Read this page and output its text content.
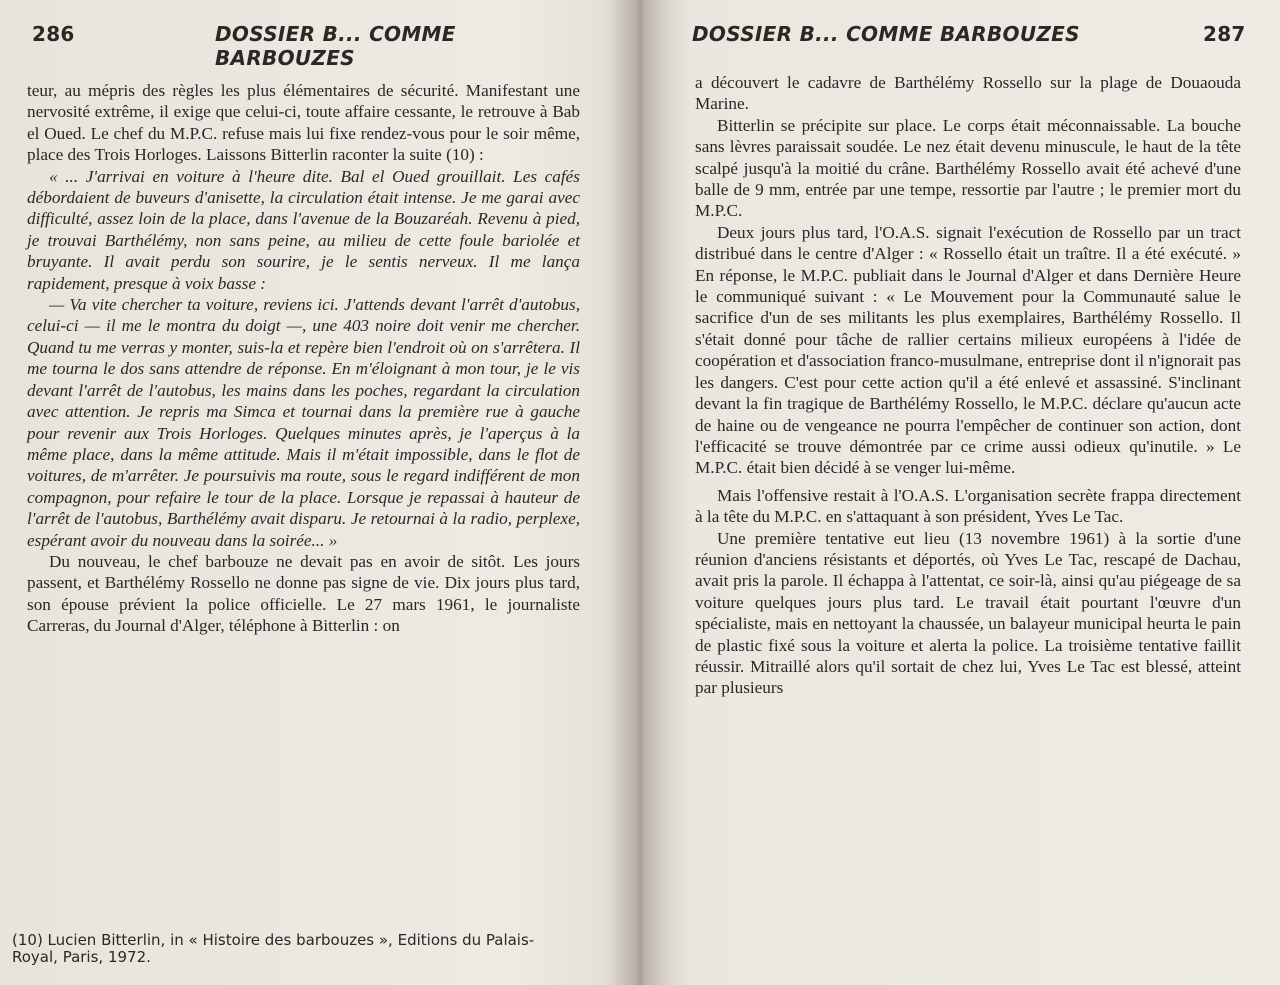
286	DOSSIER B... COMME BARBOUZES

teur, au mépris des règles les plus élémentaires de sécurité. Manifestant une nervosité extrême, il exige que celui-ci, toute affaire cessante, le retrouve à Bab el Oued. Le chef du M.P.C. refuse mais lui fixe rendez-vous pour le soir même, place des Trois Horloges. Laissons Bitterlin raconter la suite (10) :

« ... J'arrivai en voiture à l'heure dite. Bal el Oued grouillait. Les cafés débordaient de buveurs d'anisette, la circulation était intense. Je me garai avec difficulté, assez loin de la place, dans l'avenue de la Bouzaréah. Revenu à pied, je trouvai Barthélémy, non sans peine, au milieu de cette foule bariolée et bruyante. Il avait perdu son sourire, je le sentis nerveux. Il me lança rapidement, presque à voix basse :

— Va vite chercher ta voiture, reviens ici. J'attends devant l'arrêt d'autobus, celui-ci — il me le montra du doigt —, une 403 noire doit venir me chercher. Quand tu me verras y monter, suis-la et repère bien l'endroit où on s'arrêtera. Il me tourna le dos sans attendre de réponse. En m'éloignant à mon tour, je le vis devant l'arrêt de l'autobus, les mains dans les poches, regardant la circulation avec attention. Je repris ma Simca et tournai dans la première rue à gauche pour revenir aux Trois Horloges. Quelques minutes après, je l'aperçus à la même place, dans la même attitude. Mais il m'était impossible, dans le flot de voitures, de m'arrêter. Je poursuivis ma route, sous le regard indifférent de mon compagnon, pour refaire le tour de la place. Lorsque je repassai à hauteur de l'arrêt de l'autobus, Barthélémy avait disparu. Je retournai à la radio, perplexe, espérant avoir du nouveau dans la soirée... »

Du nouveau, le chef barbouze ne devait pas en avoir de sitôt. Les jours passent, et Barthélémy Rossello ne donne pas signe de vie. Dix jours plus tard, son épouse prévient la police officielle. Le 27 mars 1961, le journaliste Carreras, du Journal d'Alger, téléphone à Bitterlin : on

(10) Lucien Bitterlin, in « Histoire des barbouzes », Editions du Palais-Royal, Paris, 1972.

DOSSIER B... COMME BARBOUZES	287

a découvert le cadavre de Barthélémy Rossello sur la plage de Douaouda Marine.

Bitterlin se précipite sur place. Le corps était méconnaissable. La bouche sans lèvres paraissait soudée. Le nez était devenu minuscule, le haut de la tête scalpé jusqu'à la moitié du crâne. Barthélémy Rossello avait été achevé d'une balle de 9 mm, entrée par une tempe, ressortie par l'autre ; le premier mort du M.P.C.

Deux jours plus tard, l'O.A.S. signait l'exécution de Rossello par un tract distribué dans le centre d'Alger : « Rossello était un traître. Il a été exécuté. » En réponse, le M.P.C. publiait dans le Journal d'Alger et dans Dernière Heure le communiqué suivant : « Le Mouvement pour la Communauté salue le sacrifice d'un de ses militants les plus exemplaires, Barthélémy Rossello. Il s'était donné pour tâche de rallier certains milieux européens à l'idée de coopération et d'association franco-musulmane, entreprise dont il n'ignorait pas les dangers. C'est pour cette action qu'il a été enlevé et assassiné. S'inclinant devant la fin tragique de Barthélémy Rossello, le M.P.C. déclare qu'aucun acte de haine ou de vengeance ne pourra l'empêcher de continuer son action, dont l'efficacité se trouve démontrée par ce crime aussi odieux qu'inutile. » Le M.P.C. était bien décidé à se venger lui-même.

Mais l'offensive restait à l'O.A.S. L'organisation secrète frappa directement à la tête du M.P.C. en s'attaquant à son président, Yves Le Tac.

Une première tentative eut lieu (13 novembre 1961) à la sortie d'une réunion d'anciens résistants et déportés, où Yves Le Tac, rescapé de Dachau, avait pris la parole. Il échappa à l'attentat, ce soir-là, ainsi qu'au piégeage de sa voiture quelques jours plus tard. Le travail était pourtant l'œuvre d'un spécialiste, mais en nettoyant la chaussée, un balayeur municipal heurta le pain de plastic fixé sous la voiture et alerta la police. La troisième tentative faillit réussir. Mitraillé alors qu'il sortait de chez lui, Yves Le Tac est blessé, atteint par plusieurs
